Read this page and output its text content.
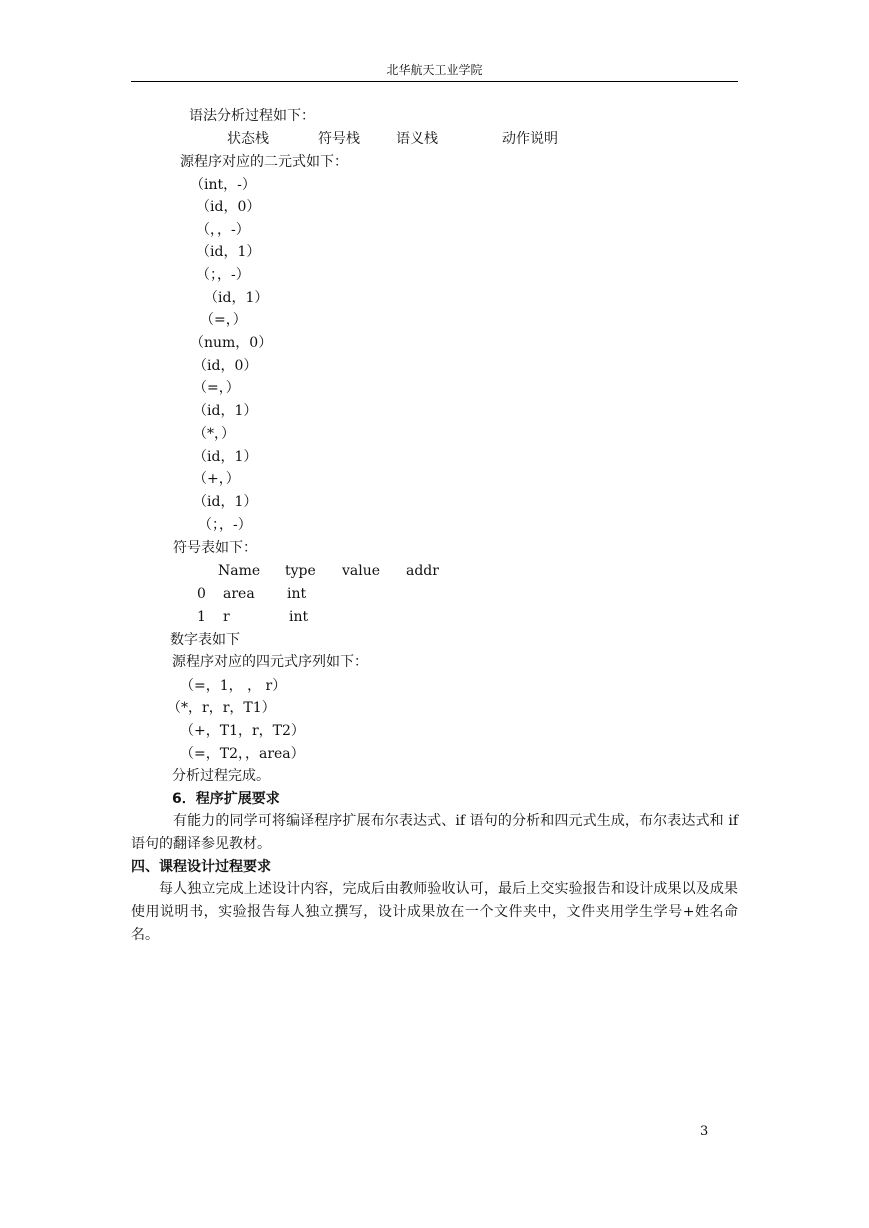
北华航天工业学院
语法分析过程如下：
状态栈	符号栈	语义栈	动作说明
源程序对应的二元式如下：
（int，-）
（id，0）
（，，-）
（id，1）
（；，-）
（id，1）
（=，）
（num，0）
（id，0）
（=，）
（id，1）
（*，）
（id，1）
（+，）
（id，1）
（；，-）
符号表如下：
Name type value addr
0 area int
1 r	int
数字表如下
源程序对应的四元式序列如下：
（=，1， ， r）
（*，r，r，T1）
（+，T1，r，T2）
（=，T2，，area）
分析过程完成。
6．程序扩展要求
有能力的同学可将编译程序扩展布尔表达式、if 语句的分析和四元式生成，布尔表达式和 if 语句的翻译参见教材。
四、课程设计过程要求
每人独立完成上述设计内容，完成后由教师验收认可，最后上交实验报告和设计成果以及成果使用说明书，实验报告每人独立撰写，设计成果放在一个文件夹中，文件夹用学生学号+姓名命名。
3
